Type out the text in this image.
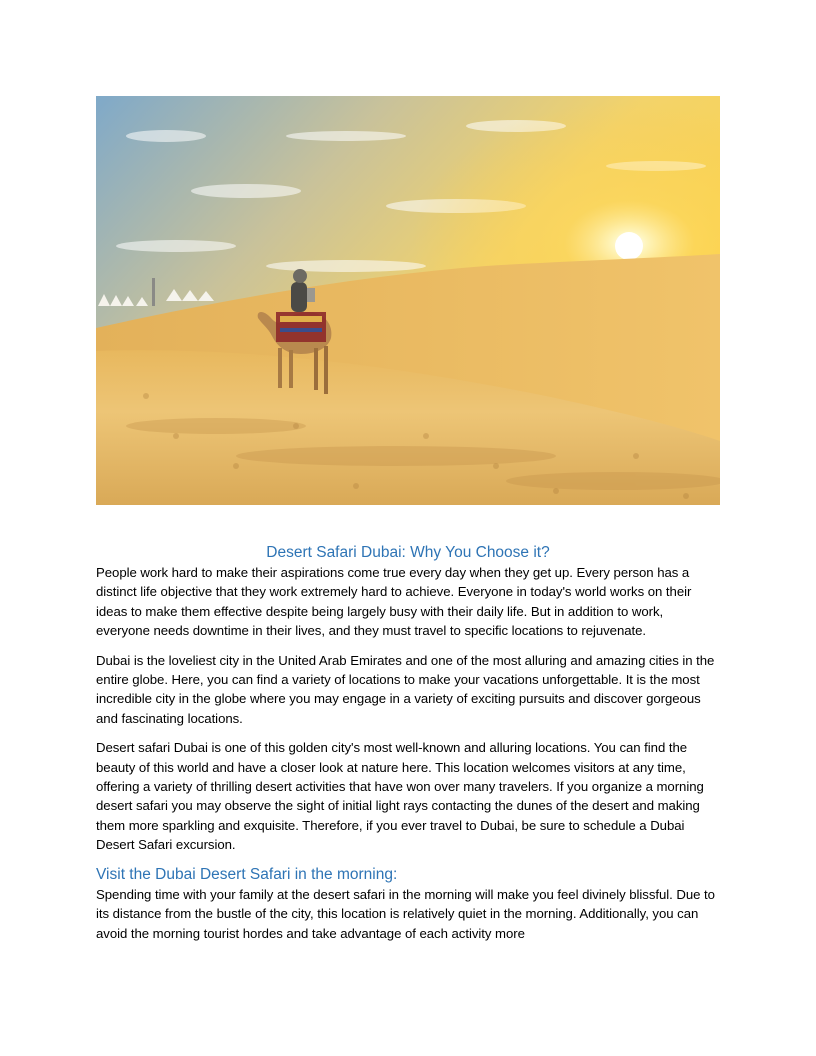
Desert Safari Dubai: Why You Choose it?

People work hard to make their aspirations come true every day when they get up. Every person has a distinct life objective that they work extremely hard to achieve. Everyone in today's world works on their ideas to make them effective despite being largely busy with their daily life. But in addition to work, everyone needs downtime in their lives, and they must travel to specific locations to rejuvenate.

Dubai is the loveliest city in the United Arab Emirates and one of the most alluring and amazing cities in the entire globe. Here, you can find a variety of locations to make your vacations unforgettable. It is the most incredible city in the globe where you may engage in a variety of exciting pursuits and discover gorgeous and fascinating locations.

Desert safari Dubai is one of this golden city's most well-known and alluring locations. You can find the beauty of this world and have a closer look at nature here. This location welcomes visitors at any time, offering a variety of thrilling desert activities that have won over many travelers. If you organize a morning desert safari you may observe the sight of initial light rays contacting the dunes of the desert and making them more sparkling and exquisite. Therefore, if you ever travel to Dubai, be sure to schedule a Dubai Desert Safari excursion.

Visit the Dubai Desert Safari in the morning:

Spending time with your family at the desert safari in the morning will make you feel divinely blissful. Due to its distance from the bustle of the city, this location is relatively quiet in the morning. Additionally, you can avoid the morning tourist hordes and take advantage of each activity more
